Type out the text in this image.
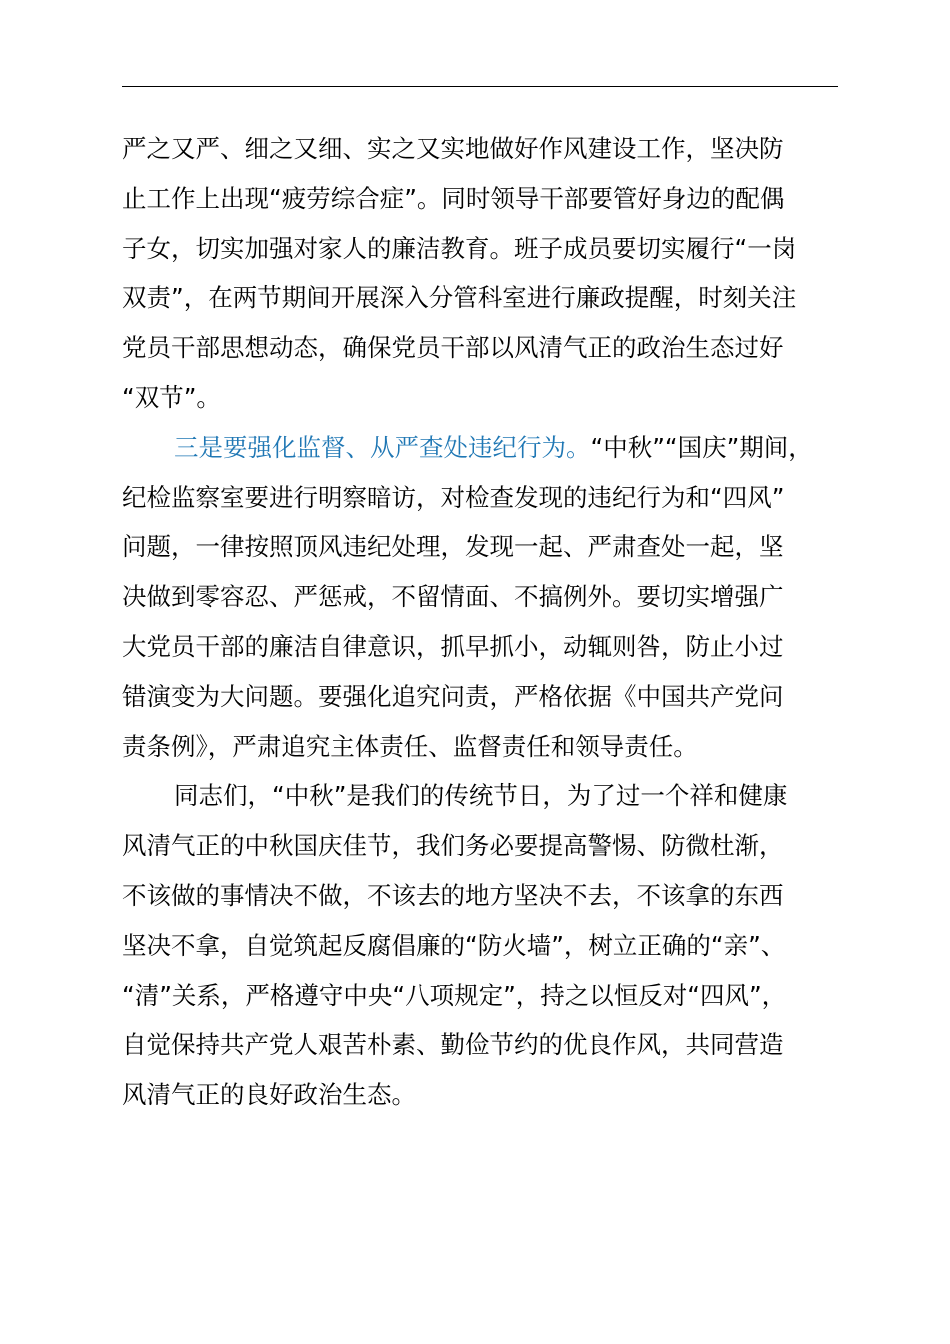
严之又严、细之又细、实之又实地做好作风建设工作，坚决防
止工作上出现“疲劳综合症”。同时领导干部要管好身边的配偶
子女，切实加强对家人的廉洁教育。班子成员要切实履行“一岗
双责”，在两节期间开展深入分管科室进行廉政提醒，时刻关注
党员干部思想动态，确保党员干部以风清气正的政治生态过好
“双节”。
三是要强化监督、从严查处违纪行为。“中秋”“国庆”期间，
纪检监察室要进行明察暗访，对检查发现的违纪行为和“四风”
问题，一律按照顶风违纪处理，发现一起、严肃查处一起，坚
决做到零容忍、严惩戒，不留情面、不搞例外。要切实增强广
大党员干部的廉洁自律意识，抓早抓小，动辄则咎，防止小过
错演变为大问题。要强化追究问责，严格依据《中国共产党问
责条例》，严肃追究主体责任、监督责任和领导责任。
同志们，“中秋”是我们的传统节日，为了过一个祥和健康
风清气正的中秋国庆佳节，我们务必要提高警惕、防微杜渐，
不该做的事情决不做，不该去的地方坚决不去，不该拿的东西
坚决不拿，自觉筑起反腐倡廉的“防火墙”，树立正确的“亲”、
“清”关系，严格遵守中央“八项规定”，持之以恒反对“四风”，
自觉保持共产党人艰苦朴素、勤俭节约的优良作风，共同营造
风清气正的良好政治生态。
